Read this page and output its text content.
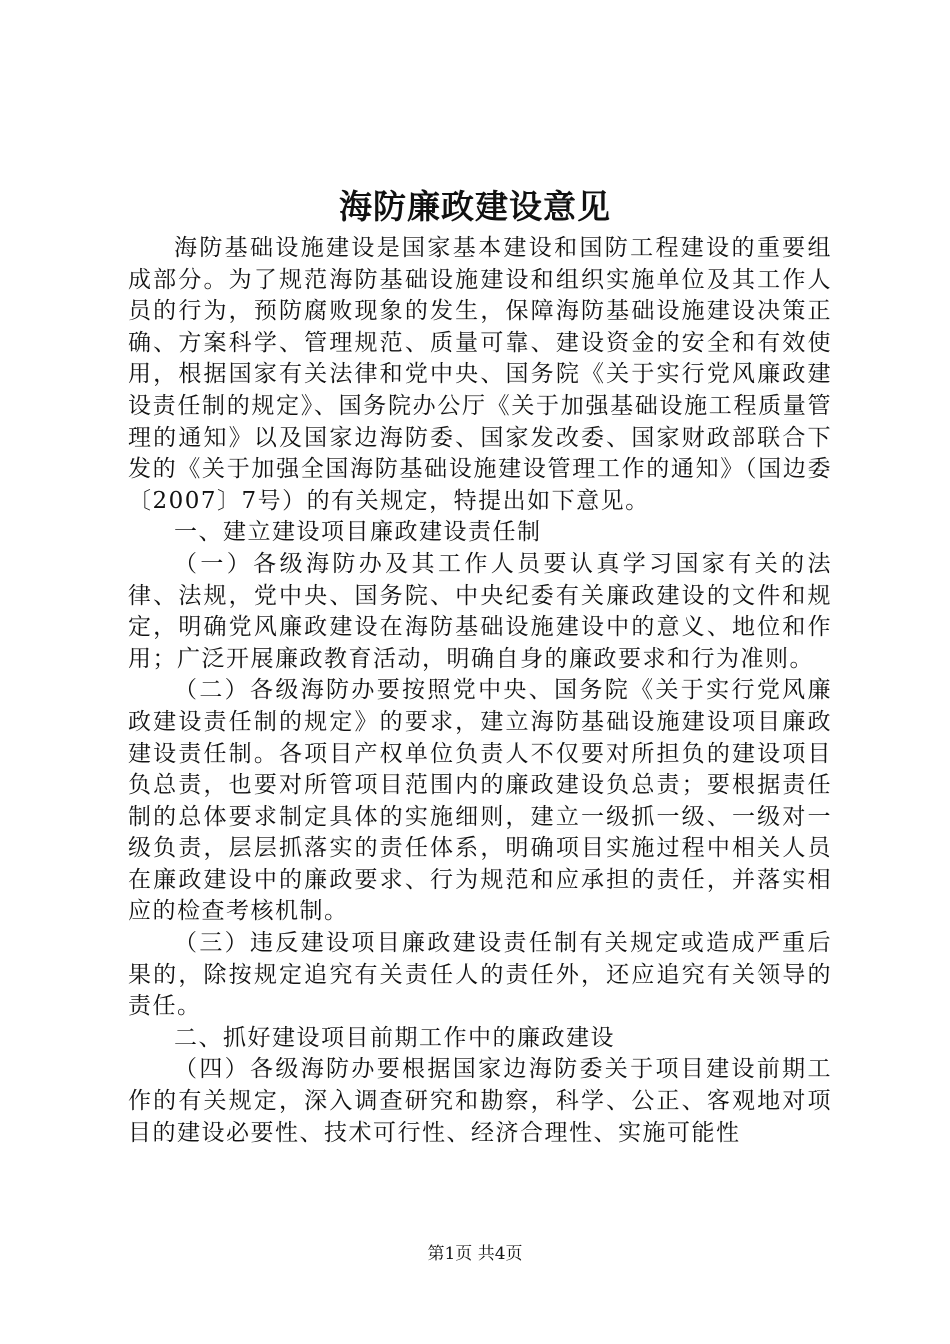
海防廉政建设意见

海防基础设施建设是国家基本建设和国防工程建设的重要组成部分。为了规范海防基础设施建设和组织实施单位及其工作人员的行为，预防腐败现象的发生，保障海防基础设施建设决策正确、方案科学、管理规范、质量可靠、建设资金的安全和有效使用，根据国家有关法律和党中央、国务院《关于实行党风廉政建设责任制的规定》、国务院办公厅《关于加强基础设施工程质量管理的通知》以及国家边海防委、国家发改委、国家财政部联合下发的《关于加强全国海防基础设施建设管理工作的通知》（国边委〔2007〕7号）的有关规定，特提出如下意见。

一、建立建设项目廉政建设责任制

（一）各级海防办及其工作人员要认真学习国家有关的法律、法规，党中央、国务院、中央纪委有关廉政建设的文件和规定，明确党风廉政建设在海防基础设施建设中的意义、地位和作用；广泛开展廉政教育活动，明确自身的廉政要求和行为准则。

（二）各级海防办要按照党中央、国务院《关于实行党风廉政建设责任制的规定》的要求，建立海防基础设施建设项目廉政建设责任制。各项目产权单位负责人不仅要对所担负的建设项目负总责，也要对所管项目范围内的廉政建设负总责；要根据责任制的总体要求制定具体的实施细则，建立一级抓一级、一级对一级负责，层层抓落实的责任体系，明确项目实施过程中相关人员在廉政建设中的廉政要求、行为规范和应承担的责任，并落实相应的检查考核机制。

（三）违反建设项目廉政建设责任制有关规定或造成严重后果的，除按规定追究有关责任人的责任外，还应追究有关领导的责任。

二、抓好建设项目前期工作中的廉政建设

（四）各级海防办要根据国家边海防委关于项目建设前期工作的有关规定，深入调查研究和勘察，科学、公正、客观地对项目的建设必要性、技术可行性、经济合理性、实施可能性

第1页 共4页
